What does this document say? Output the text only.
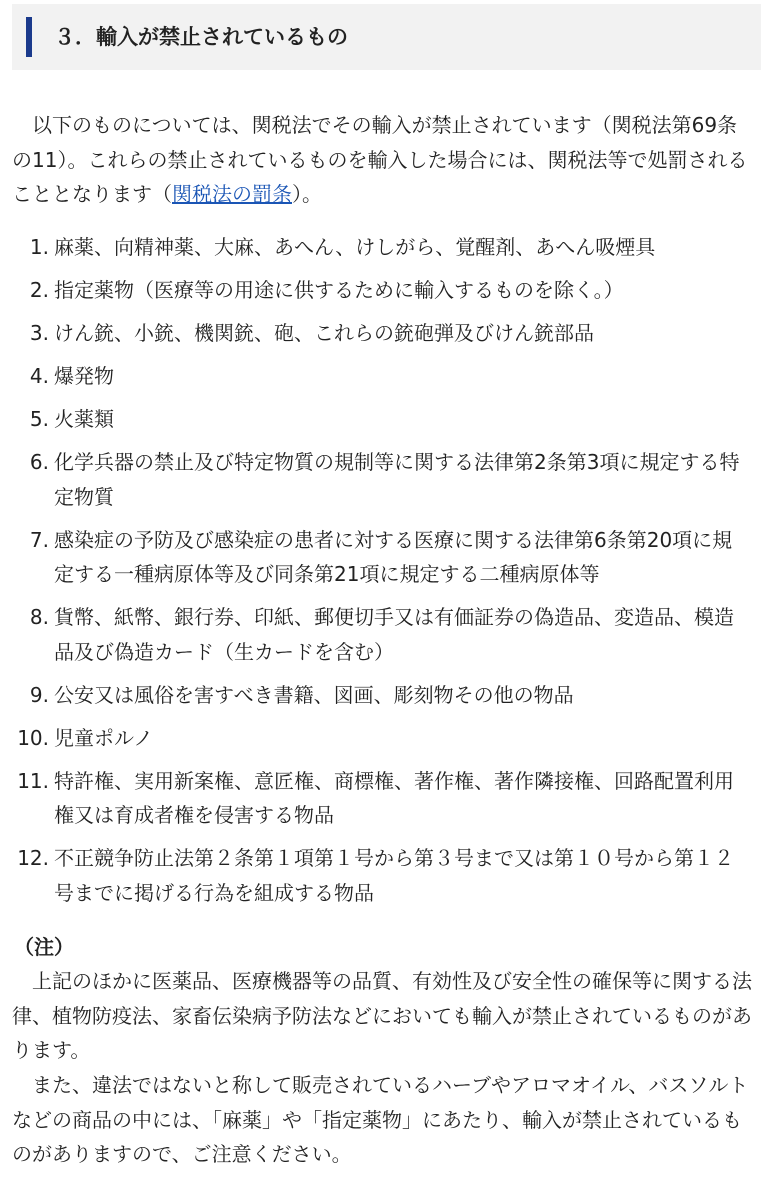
３．輸入が禁止されているもの

　以下のものについては、関税法でその輸入が禁止されています（関税法第69条の11）。これらの禁止されているものを輸入した場合には、関税法等で処罰されることとなります（関税法の罰条）。

1. 麻薬、向精神薬、大麻、あへん、けしがら、覚醒剤、あへん吸煙具
2. 指定薬物（医療等の用途に供するために輸入するものを除く。）
3. けん銃、小銃、機関銃、砲、これらの銃砲弾及びけん銃部品
4. 爆発物
5. 火薬類
6. 化学兵器の禁止及び特定物質の規制等に関する法律第2条第3項に規定する特定物質
7. 感染症の予防及び感染症の患者に対する医療に関する法律第6条第20項に規定する一種病原体等及び同条第21項に規定する二種病原体等
8. 貨幣、紙幣、銀行券、印紙、郵便切手又は有価証券の偽造品、変造品、模造品及び偽造カード（生カードを含む）
9. 公安又は風俗を害すべき書籍、図画、彫刻物その他の物品
10. 児童ポルノ
11. 特許権、実用新案権、意匠権、商標権、著作権、著作隣接権、回路配置利用権又は育成者権を侵害する物品
12. 不正競争防止法第２条第１項第１号から第３号まで又は第１０号から第１２号までに掲げる行為を組成する物品

（注）

　上記のほかに医薬品、医療機器等の品質、有効性及び安全性の確保等に関する法律、植物防疫法、家畜伝染病予防法などにおいても輸入が禁止されているものがあります。

　また、違法ではないと称して販売されているハーブやアロマオイル、バスソルトなどの商品の中には、「麻薬」や「指定薬物」にあたり、輸入が禁止されているものがありますので、ご注意ください。
